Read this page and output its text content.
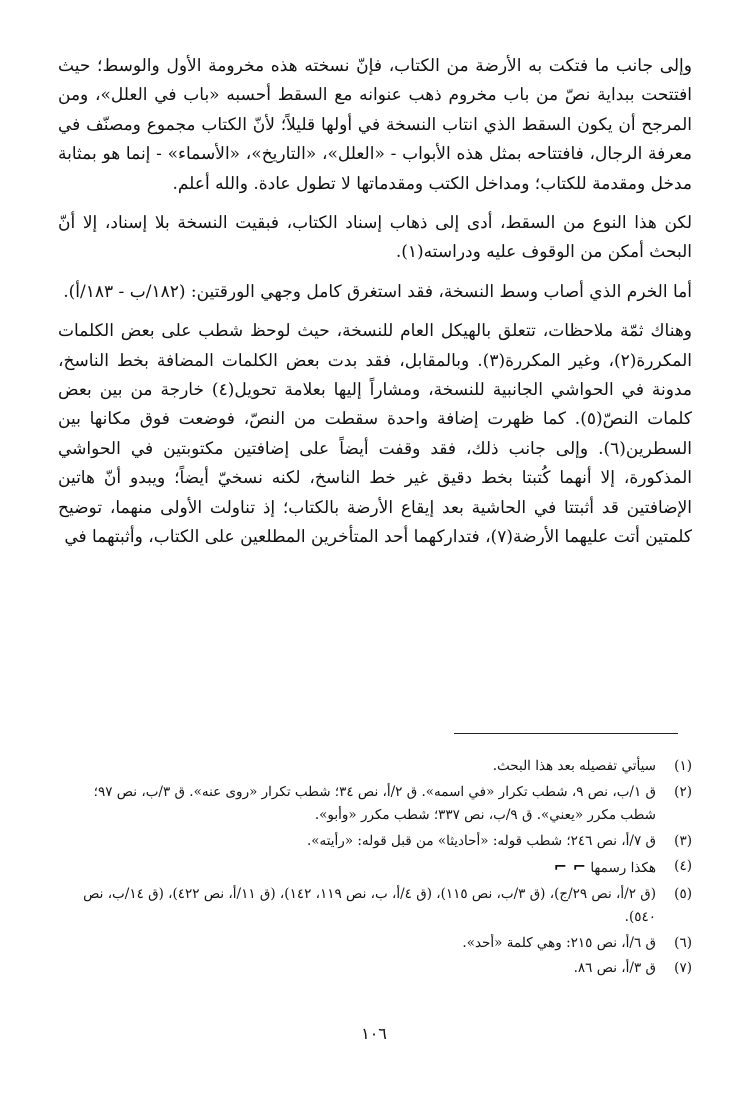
وإلى جانب ما فتكت به الأرضة من الكتاب، فإنّ نسخته هذه مخرومة الأول والوسط؛ حيث افتتحت ببداية نصّ من باب مخروم ذهب عنوانه مع السقط أحسبه «باب في العلل»، ومن المرجح أن يكون السقط الذي انتاب النسخة في أولها قليلاً؛ لأنّ الكتاب مجموع ومصنّف في معرفة الرجال، فافتتاحه بمثل هذه الأبواب - «العلل»، «التاريخ»، «الأسماء» - إنما هو بمثابة مدخل ومقدمة للكتاب؛ ومداخل الكتب ومقدماتها لا تطول عادة. والله أعلم.

لكن هذا النوع من السقط، أدى إلى ذهاب إسناد الكتاب، فبقيت النسخة بلا إسناد، إلا أنّ البحث أمكن من الوقوف عليه ودراسته(١).

أما الخرم الذي أصاب وسط النسخة، فقد استغرق كامل وجهي الورقتين: (١٨٢/ب - ١٨٣/أ).

وهناك ثمّة ملاحظات، تتعلق بالهيكل العام للنسخة، حيث لوحظ شطب على بعض الكلمات المكررة(٢)، وغير المكررة(٣). وبالمقابل، فقد بدت بعض الكلمات المضافة بخط الناسخ، مدونة في الحواشي الجانبية للنسخة، ومشاراً إليها بعلامة تحويل(٤) خارجة من بين بعض كلمات النصّ(٥). كما ظهرت إضافة واحدة سقطت من النصّ، فوضعت فوق مكانها بين السطرين(٦). وإلى جانب ذلك، فقد وقفت أيضاً على إضافتين مكتوبتين في الحواشي المذكورة، إلا أنهما كُتبتا بخط دقيق غير خط الناسخ، لكنه نسخيّ أيضاً؛ ويبدو أنّ هاتين الإضافتين قد أثبتتا في الحاشية بعد إيقاع الأرضة بالكتاب؛ إذ تناولت الأولى منهما، توضيح كلمتين أتت عليهما الأرضة(٧)، فتداركهما أحد المتأخرين المطلعين على الكتاب، وأثبتهما في

(١)
سيأتي تفصيله بعد هذا البحث.
(٢)
ق ١/ب، نص ٩، شطب تكرار «في اسمه». ق ٢/أ، نص ٣٤؛ شطب تكرار «روى عنه». ق ٣/ب، نص ٩٧؛ شطب مكرر «يعني». ق ٩/ب، نص ٣٣٧؛ شطب مكرر «وأبو».
(٣)
ق ٧/أ، نص ٢٤٦؛ شطب قوله: «أحاديثا» من قبل قوله: «رأيته».
(٤)
هكذا رسمها ⌐ ⌐
(٥)
(ق ٢/أ، نص ٢٩/ج)، (ق ٣/ب، نص ١١٥)، (ق ٤/أ، ب، نص ١١٩، ١٤٢)، (ق ١١/أ، نص ٤٢٢)، (ق ١٤/ب، نص ٥٤٠).
(٦)
ق ٦/أ، نص ٢١٥: وهي كلمة «أحد».
(٧)
ق ٣/أ، نص ٨٦.
١٠٦
